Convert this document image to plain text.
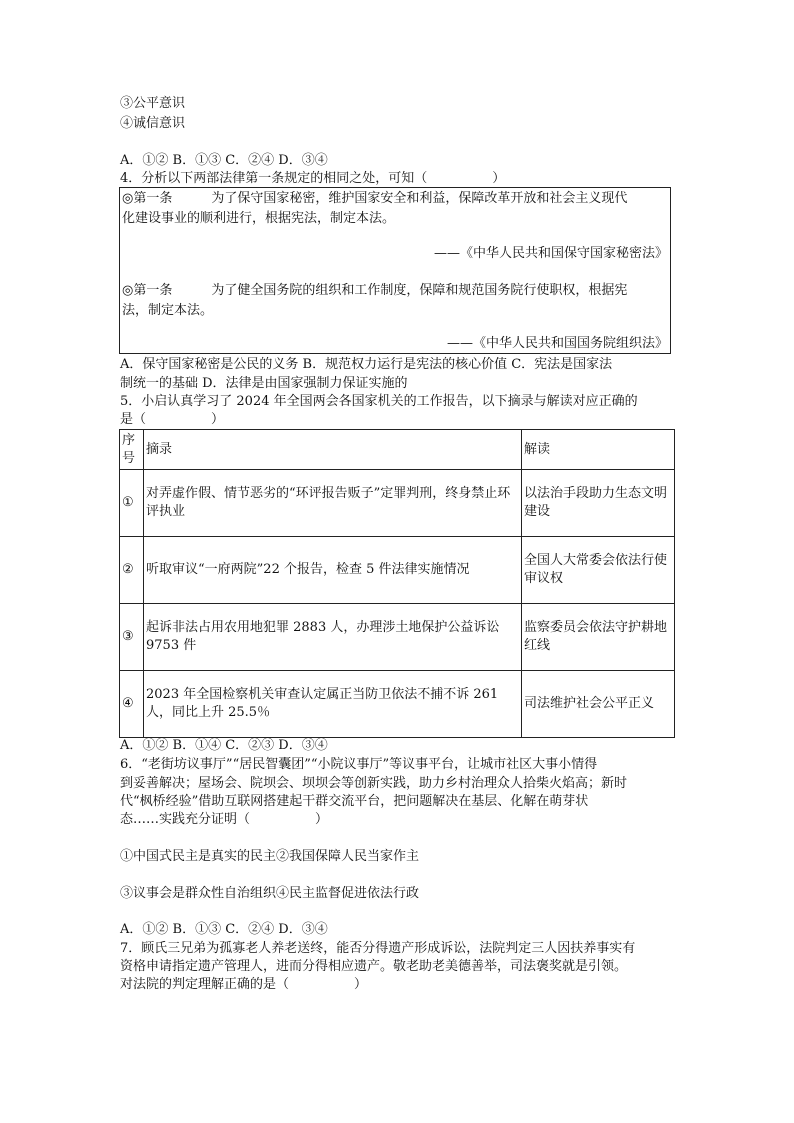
③公平意识
④诚信意识
A．①② B．①③ C．②④ D．③④
4．分析以下两部法律第一条规定的相同之处，可知（　　　　　）
◎第一条　　　为了保守国家秘密，维护国家安全和利益，保障改革开放和社会主义现代
化建设事业的顺利进行，根据宪法，制定本法。
——《中华人民共和国保守国家秘密法》
◎第一条　　　为了健全国务院的组织和工作制度，保障和规范国务院行使职权，根据宪
法，制定本法。
——《中华人民共和国国务院组织法》
A．保守国家秘密是公民的义务 B．规范权力运行是宪法的核心价值 C．宪法是国家法
制统一的基础 D．法律是由国家强制力保证实施的
5．小启认真学习了 2024 年全国两会各国家机关的工作报告，以下摘录与解读对应正确的
是（　　　　　）
序号	摘录	解读
①	对弄虚作假、情节恶劣的“环评报告贩子”定罪判刑，终身禁止环评执业	以法治手段助力生态文明建设
②	听取审议“一府两院”22 个报告，检查 5 件法律实施情况	全国人大常委会依法行使审议权
③	起诉非法占用农用地犯罪 2883 人，办理涉土地保护公益诉讼 9753 件	监察委员会依法守护耕地红线
④	2023 年全国检察机关审查认定属正当防卫依法不捕不诉 261 人，同比上升 25.5％	司法维护社会公平正义
A．①② B．①④ C．②③ D．③④
6．“老街坊议事厅”“居民智囊团”“小院议事厅”等议事平台，让城市社区大事小情得
到妥善解决；屋场会、院坝会、坝坝会等创新实践，助力乡村治理众人拾柴火焰高；新时
代“枫桥经验”借助互联网搭建起干群交流平台，把问题解决在基层、化解在萌芽状
态……实践充分证明（　　　　　）
①中国式民主是真实的民主②我国保障人民当家作主
③议事会是群众性自治组织④民主监督促进依法行政
A．①② B．①③ C．②④ D．③④
7．顾氏三兄弟为孤寡老人养老送终，能否分得遗产形成诉讼，法院判定三人因扶养事实有
资格申请指定遗产管理人，进而分得相应遗产。敬老助老美德善举，司法褒奖就是引领。
对法院的判定理解正确的是（　　　　　）
